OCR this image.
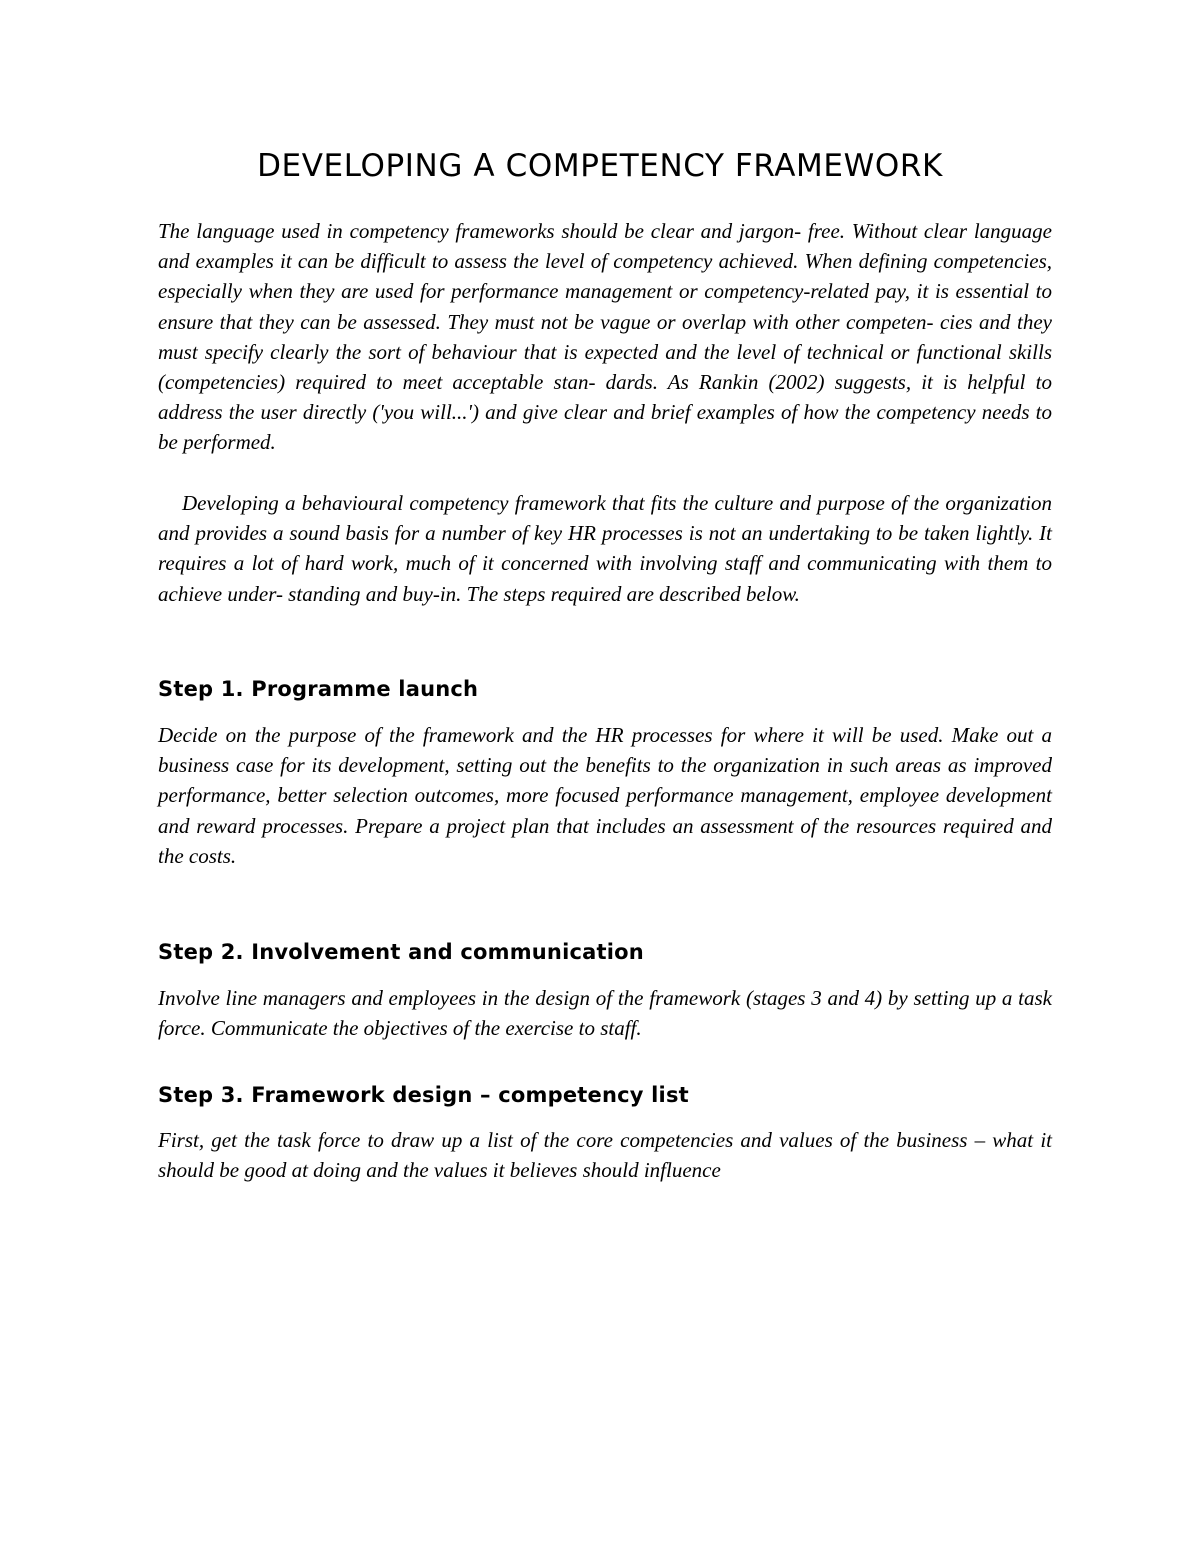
DEVELOPING A COMPETENCY FRAMEWORK

The language used in competency frameworks should be clear and jargon- free. Without clear language and examples it can be difficult to assess the level of competency achieved. When defining competencies, especially when they are used for performance management or competency-related pay, it is essential to ensure that they can be assessed. They must not be vague or overlap with other competen- cies and they must specify clearly the sort of behaviour that is expected and the level of technical or functional skills (competencies) required to meet acceptable stan- dards. As Rankin (2002) suggests, it is helpful to address the user directly ('you will...') and give clear and brief examples of how the competency needs to be performed.

Developing a behavioural competency framework that fits the culture and purpose of the organization and provides a sound basis for a number of key HR processes is not an undertaking to be taken lightly. It requires a lot of hard work, much of it concerned with involving staff and communicating with them to achieve under- standing and buy-in. The steps required are described below.

Step 1. Programme launch

Decide on the purpose of the framework and the HR processes for where it will be used. Make out a business case for its development, setting out the benefits to the organization in such areas as improved performance, better selection outcomes, more focused performance management, employee development and reward processes. Prepare a project plan that includes an assessment of the resources required and the costs.

Step 2. Involvement and communication

Involve line managers and employees in the design of the framework (stages 3 and 4) by setting up a task force. Communicate the objectives of the exercise to staff.

Step 3. Framework design – competency list

First, get the task force to draw up a list of the core competencies and values of the business – what it should be good at doing and the values it believes should influence
